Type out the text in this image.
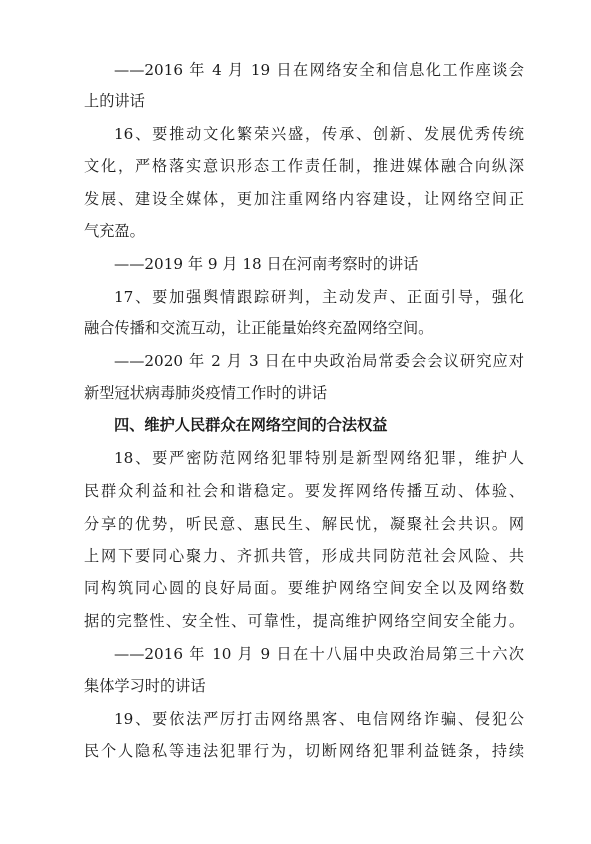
——2016 年 4 月 19 日在网络安全和信息化工作座谈会
上的讲话
16、要推动文化繁荣兴盛，传承、创新、发展优秀传统
文化，严格落实意识形态工作责任制，推进媒体融合向纵深
发展、建设全媒体，更加注重网络内容建设，让网络空间正
气充盈。
——2019 年 9 月 18 日在河南考察时的讲话
17、要加强舆情跟踪研判，主动发声、正面引导，强化
融合传播和交流互动，让正能量始终充盈网络空间。
——2020 年 2 月 3 日在中央政治局常委会会议研究应对
新型冠状病毒肺炎疫情工作时的讲话
四、维护人民群众在网络空间的合法权益
18、要严密防范网络犯罪特别是新型网络犯罪，维护人
民群众利益和社会和谐稳定。要发挥网络传播互动、体验、
分享的优势，听民意、惠民生、解民忧，凝聚社会共识。网
上网下要同心聚力、齐抓共管，形成共同防范社会风险、共
同构筑同心圆的良好局面。要维护网络空间安全以及网络数
据的完整性、安全性、可靠性，提高维护网络空间安全能力。
——2016 年 10 月 9 日在十八届中央政治局第三十六次
集体学习时的讲话
19、要依法严厉打击网络黑客、电信网络诈骗、侵犯公
民个人隐私等违法犯罪行为，切断网络犯罪利益链条，持续
